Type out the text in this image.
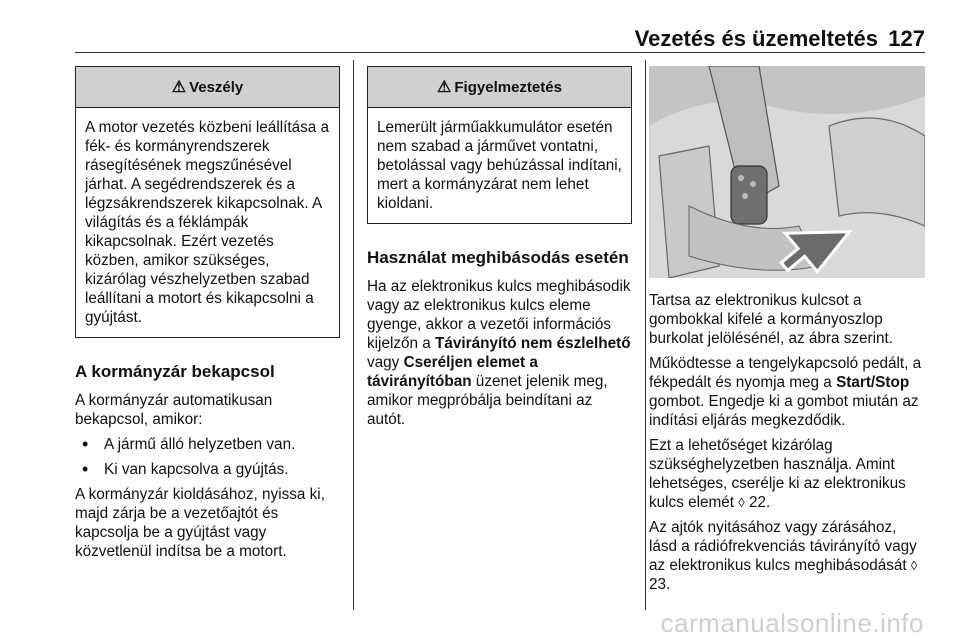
Vezetés és üzemeltetés 127
⚠ Veszély

A motor vezetés közbeni leállítása a fék- és kormányrendszerek rásegítésének megszűnésével járhat. A segédrendszerek és a légzsákrendszerek kikapcsolnak. A világítás és a féklámpák kikapcsolnak. Ezért vezetés közben, amikor szükséges, kizárólag vészhelyzetben szabad leállítani a motort és kikapcsolni a gyújtást.

A kormányzár bekapcsol

A kormányzár automatikusan bekapcsol, amikor:

• A jármű álló helyzetben van.
• Ki van kapcsolva a gyújtás.

A kormányzár kioldásához, nyissa ki, majd zárja be a vezetőajtót és kapcsolja be a gyújtást vagy közvetlenül indítsa be a motort.

⚠ Figyelmeztetés

Lemerült járműakkumulátor esetén nem szabad a járművet vontatni, betolással vagy behúzással indítani, mert a kormányzárat nem lehet kioldani.

Használat meghibásodás esetén

Ha az elektronikus kulcs meghibásodik vagy az elektronikus kulcs eleme gyenge, akkor a vezetői információs kijelzőn a Távirányító nem észlelhető vagy Cseréljen elemet a távirányítóban üzenet jelenik meg, amikor megpróbálja beindítani az autót.

Tartsa az elektronikus kulcsot a gombokkal kifelé a kormányoszlop burkolat jelölésénél, az ábra szerint.

Működtesse a tengelykapcsoló pedált, a fékpedált és nyomja meg a Start/Stop gombot. Engedje ki a gombot miután az indítási eljárás megkezdődik.

Ezt a lehetőséget kizárólag szükséghelyzetben használja. Amint lehetséges, cserélje ki az elektronikus kulcs elemét ◊ 22.

Az ajtók nyitásához vagy zárásához, lásd a rádiófrekvenciás távirányító vagy az elektronikus kulcs meghibásodását ◊ 23.

carmanualsonline.info
